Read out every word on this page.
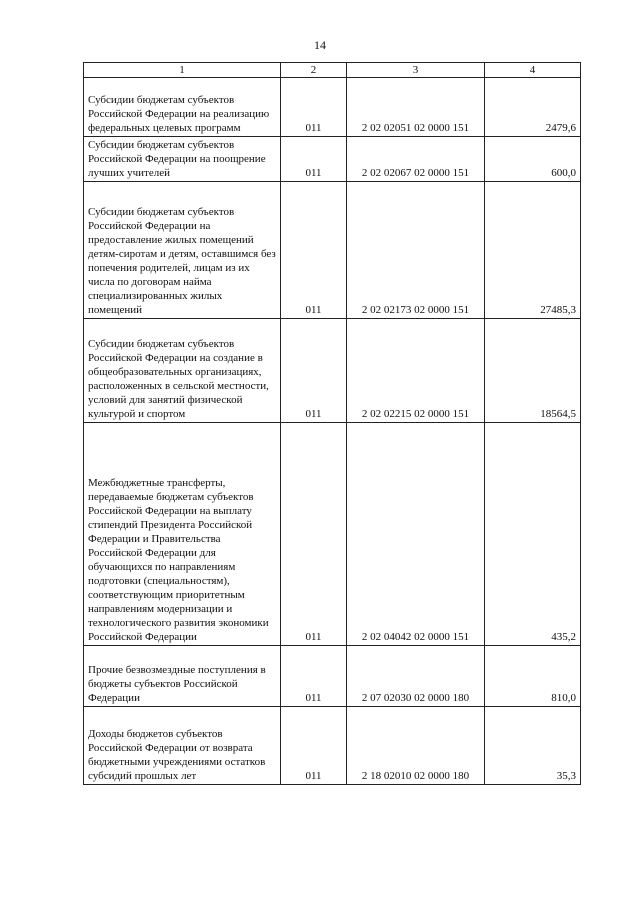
14
1	2	3	4

Субсидии бюджетам субъектов Российской Федерации на реализацию федеральных целевых программ	011	2 02 02051 02 0000 151	2479,6

Субсидии бюджетам субъектов Российской Федерации на поощрение лучших учителей	011	2 02 02067 02 0000 151	600,0

Субсидии бюджетам субъектов Российской Федерации на предоставление жилых помещений детям-сиротам и детям, оставшимся без попечения родителей, лицам из их числа по договорам найма специализированных жилых помещений	011	2 02 02173 02 0000 151	27485,3

Субсидии бюджетам субъектов Российской Федерации на создание в общеобразовательных организациях, расположенных в сельской местности, условий для занятий физической культурой и спортом	011	2 02 02215 02 0000 151	18564,5

Межбюджетные трансферты, передаваемые бюджетам субъектов Российской Федерации на выплату стипендий Президента Российской Федерации и Правительства Российской Федерации для обучающихся по направлениям подготовки (специальностям), соответствующим приоритетным направлениям модернизации и технологического развития экономики Российской Федерации	011	2 02 04042 02 0000 151	435,2

Прочие безвозмездные поступления в бюджеты субъектов Российской Федерации	011	2 07 02030 02 0000 180	810,0

Доходы бюджетов субъектов Российской Федерации от возврата бюджетными учреждениями остатков субсидий прошлых лет	011	2 18 02010 02 0000 180	35,3
